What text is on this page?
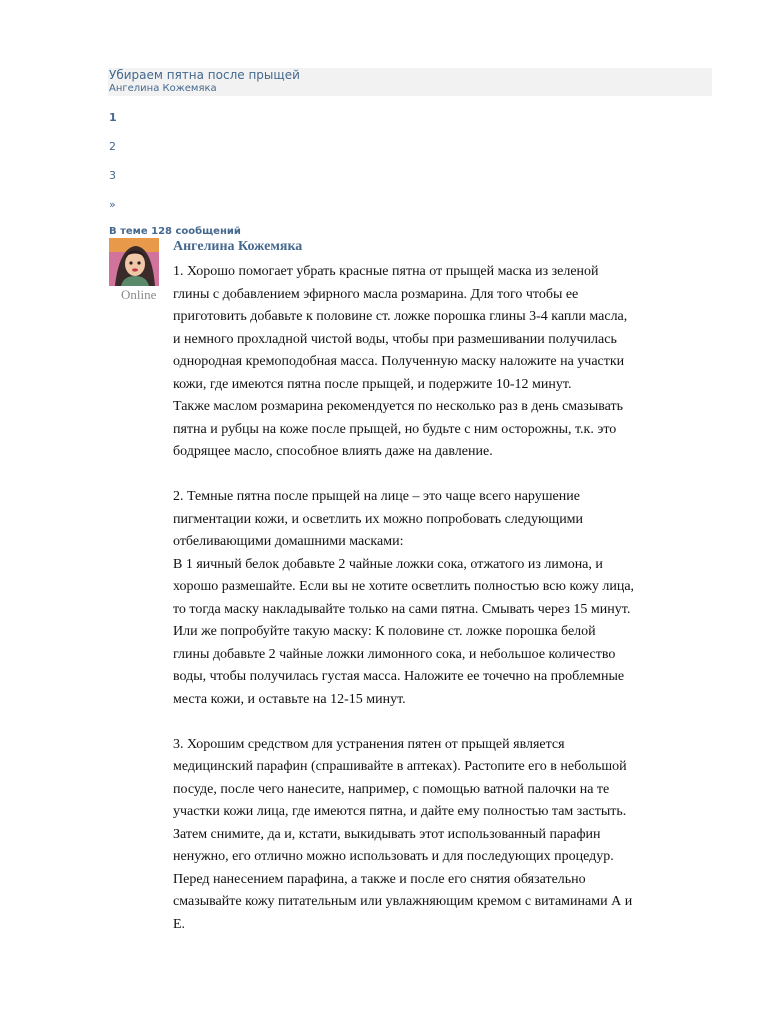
Убираем пятна после прыщей
Ангелина Кожемяка
1
2
3
»
В теме 128 сообщений
Online
Ангелина Кожемяка
1. Хорошо помогает убрать красные пятна от прыщей маска из зеленой
глины с добавлением эфирного масла розмарина. Для того чтобы ее
приготовить добавьте к половине ст. ложке порошка глины 3-4 капли масла,
и немного прохладной чистой воды, чтобы при размешивании получилась
однородная кремоподобная масса. Полученную маску наложите на участки
кожи, где имеются пятна после прыщей, и подержите 10-12 минут.
Также маслом розмарина рекомендуется по несколько раз в день смазывать
пятна и рубцы на коже после прыщей, но будьте с ним осторожны, т.к. это
бодрящее масло, способное влиять даже на давление.
2. Темные пятна после прыщей на лице – это чаще всего нарушение
пигментации кожи, и осветлить их можно попробовать следующими
отбеливающими домашними масками:
В 1 яичный белок добавьте 2 чайные ложки сока, отжатого из лимона, и
хорошо размешайте. Если вы не хотите осветлить полностью всю кожу лица,
то тогда маску накладывайте только на сами пятна. Смывать через 15 минут.
Или же попробуйте такую маску: К половине ст. ложке порошка белой
глины добавьте 2 чайные ложки лимонного сока, и небольшое количество
воды, чтобы получилась густая масса. Наложите ее точечно на проблемные
места кожи, и оставьте на 12-15 минут.
3. Хорошим средством для устранения пятен от прыщей является
медицинский парафин (спрашивайте в аптеках). Растопите его в небольшой
посуде, после чего нанесите, например, с помощью ватной палочки на те
участки кожи лица, где имеются пятна, и дайте ему полностью там застыть.
Затем снимите, да и, кстати, выкидывать этот использованный парафин
ненужно, его отлично можно использовать и для последующих процедур.
Перед нанесением парафина, а также и после его снятия обязательно
смазывайте кожу питательным или увлажняющим кремом с витаминами А и
Е.
